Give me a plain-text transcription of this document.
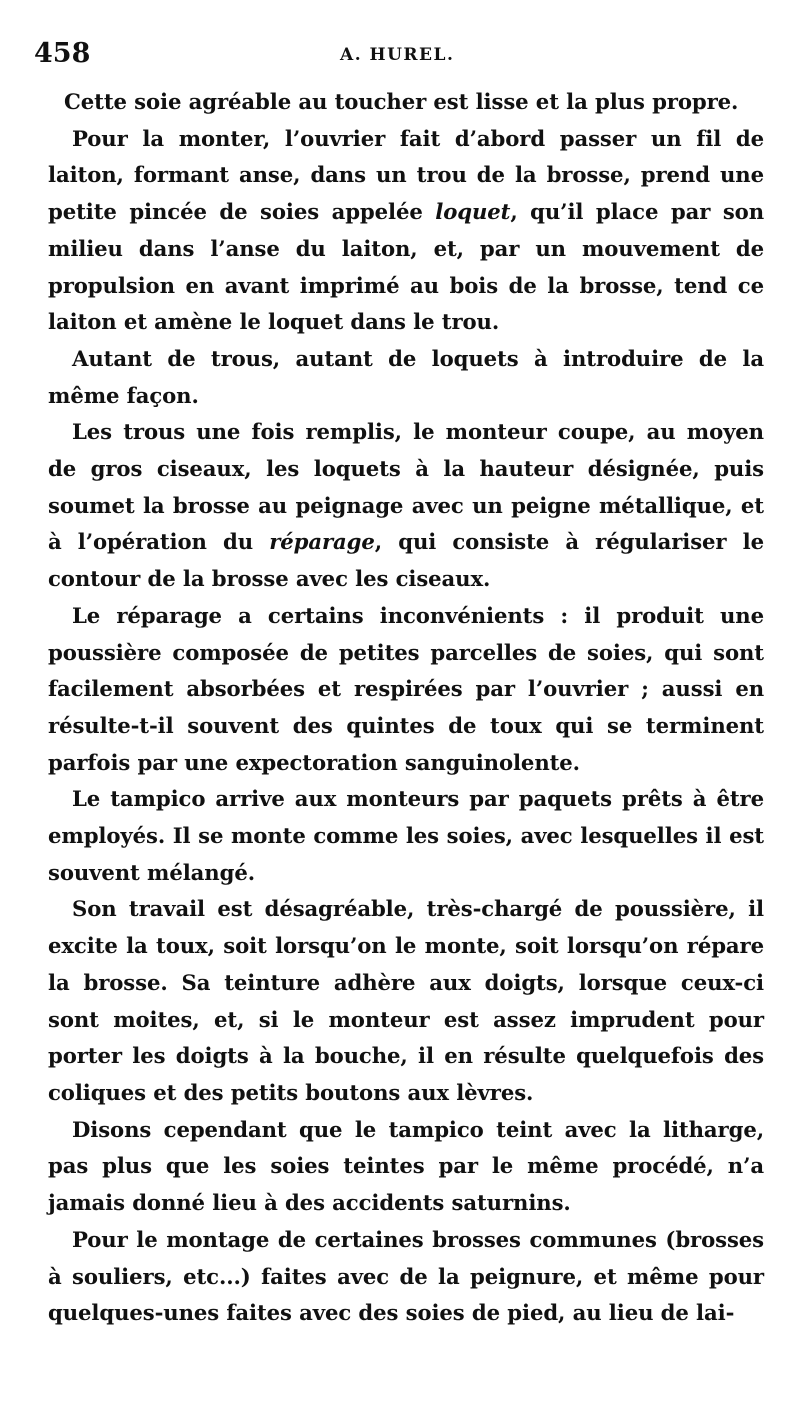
458	A. HUREL.

Cette soie agréable au toucher est lisse et la plus propre.

Pour la monter, l’ouvrier fait d’abord passer un fil de laiton, formant anse, dans un trou de la brosse, prend une petite pincée de soies appelée loquet, qu’il place par son milieu dans l’anse du laiton, et, par un mouvement de propulsion en avant imprimé au bois de la brosse, tend ce laiton et amène le loquet dans le trou.

Autant de trous, autant de loquets à introduire de la même façon.

Les trous une fois remplis, le monteur coupe, au moyen de gros ciseaux, les loquets à la hauteur désignée, puis soumet la brosse au peignage avec un peigne métallique, et à l’opération du réparage, qui consiste à régulariser le contour de la brosse avec les ciseaux.

Le réparage a certains inconvénients : il produit une poussière composée de petites parcelles de soies, qui sont facilement absorbées et respirées par l’ouvrier ; aussi en résulte-t-il souvent des quintes de toux qui se terminent parfois par une expectoration sanguinolente.

Le tampico arrive aux monteurs par paquets prêts à être employés. Il se monte comme les soies, avec lesquelles il est souvent mélangé.

Son travail est désagréable, très-chargé de poussière, il excite la toux, soit lorsqu’on le monte, soit lorsqu’on répare la brosse. Sa teinture adhère aux doigts, lorsque ceux-ci sont moites, et, si le monteur est assez imprudent pour porter les doigts à la bouche, il en résulte quelquefois des coliques et des petits boutons aux lèvres.

Disons cependant que le tampico teint avec la litharge, pas plus que les soies teintes par le même procédé, n’a jamais donné lieu à des accidents saturnins.

Pour le montage de certaines brosses communes (brosses à souliers, etc...) faites avec de la peignure, et même pour quelques-unes faites avec des soies de pied, au lieu de lai-
